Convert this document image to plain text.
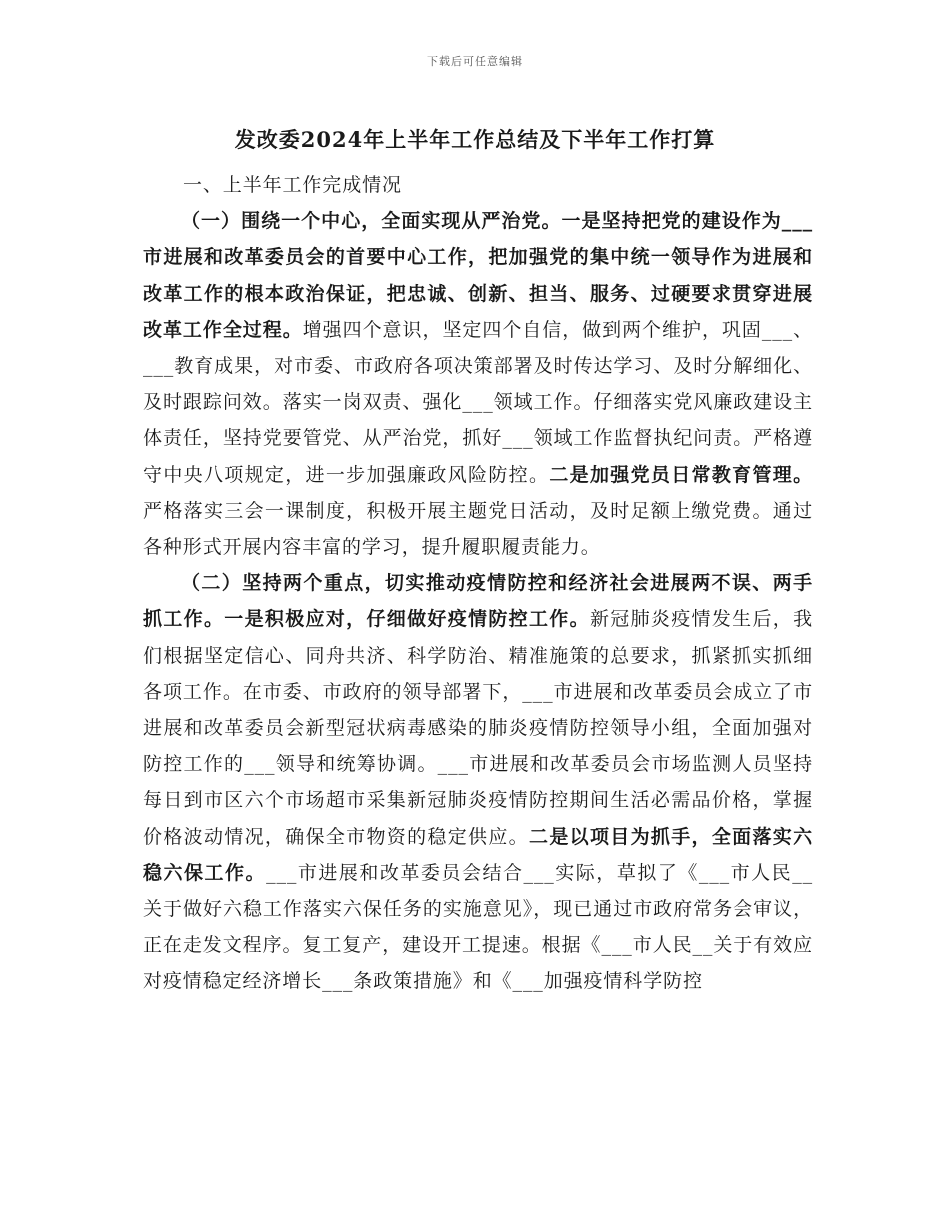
下载后可任意编辑
发改委2024年上半年工作总结及下半年工作打算

一、上半年工作完成情况

（一）围绕一个中心，全面实现从严治党。一是坚持把党的建设作为___市进展和改革委员会的首要中心工作，把加强党的集中统一领导作为进展和改革工作的根本政治保证，把忠诚、创新、担当、服务、过硬要求贯穿进展改革工作全过程。增强四个意识，坚定四个自信，做到两个维护，巩固___、___教育成果，对市委、市政府各项决策部署及时传达学习、及时分解细化、及时跟踪问效。落实一岗双责、强化___领域工作。仔细落实党风廉政建设主体责任，坚持党要管党、从严治党，抓好___领域工作监督执纪问责。严格遵守中央八项规定，进一步加强廉政风险防控。二是加强党员日常教育管理。严格落实三会一课制度，积极开展主题党日活动，及时足额上缴党费。通过各种形式开展内容丰富的学习，提升履职履责能力。

（二）坚持两个重点，切实推动疫情防控和经济社会进展两不误、两手抓工作。一是积极应对，仔细做好疫情防控工作。新冠肺炎疫情发生后，我们根据坚定信心、同舟共济、科学防治、精准施策的总要求，抓紧抓实抓细各项工作。在市委、市政府的领导部署下，___市进展和改革委员会成立了市进展和改革委员会新型冠状病毒感染的肺炎疫情防控领导小组，全面加强对防控工作的___领导和统筹协调。___市进展和改革委员会市场监测人员坚持每日到市区六个市场超市采集新冠肺炎疫情防控期间生活必需品价格，掌握价格波动情况，确保全市物资的稳定供应。二是以项目为抓手，全面落实六稳六保工作。___市进展和改革委员会结合___实际，草拟了《___市人民__关于做好六稳工作落实六保任务的实施意见》，现已通过市政府常务会审议，正在走发文程序。复工复产，建设开工提速。根据《___市人民__关于有效应对疫情稳定经济增长___条政策措施》和《___加强疫情科学防控
